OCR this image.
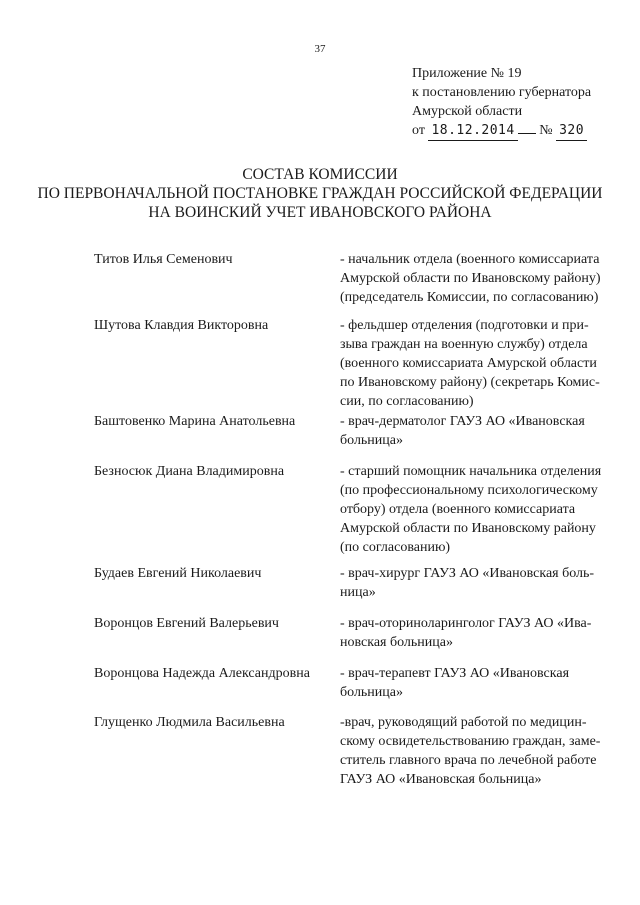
37
Приложение № 19
к постановлению губернатора
Амурской области
от 18.12.2014 № 320
СОСТАВ КОМИССИИ
ПО ПЕРВОНАЧАЛЬНОЙ ПОСТАНОВКЕ ГРАЖДАН РОССИЙСКОЙ ФЕДЕРАЦИИ
НА ВОИНСКИЙ УЧЕТ ИВАНОВСКОГО РАЙОНА
Титов Илья Семенович	- начальник отдела (военного комиссариата
Амурской области по Ивановскому району)
(председатель Комиссии, по согласованию)
Шутова Клавдия Викторовна	- фельдшер отделения (подготовки и при-
зыва граждан на военную службу) отдела
(военного комиссариата Амурской области
по Ивановскому району) (секретарь Комис-
сии, по согласованию)
Баштовенко Марина Анатольевна	- врач-дерматолог ГАУЗ АО «Ивановская
больница»
Безносюк Диана Владимировна	- старший помощник начальника отделения
(по профессиональному психологическому
отбору) отдела (военного комиссариата
Амурской области по Ивановскому району
(по согласованию)
Будаев Евгений Николаевич	- врач-хирург ГАУЗ АО «Ивановская боль-
ница»
Воронцов Евгений Валерьевич	- врач-оториноларинголог ГАУЗ АО «Ива-
новская больница»
Воронцова Надежда Александровна - врач-терапевт ГАУЗ АО «Ивановская
больница»
Глущенко Людмила Васильевна	-врач, руководящий работой по медицин-
скому освидетельствованию граждан, заме-
ститель главного врача по лечебной работе
ГАУЗ АО «Ивановская больница»
